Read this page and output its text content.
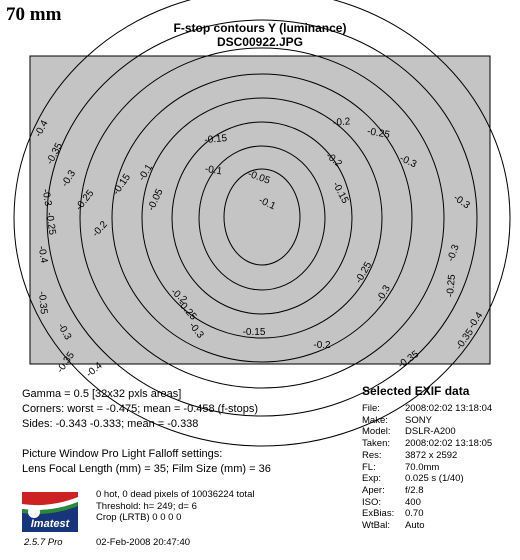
70 mm
F-stop contours Y (luminance)
DSC00922.JPG
-0.4
-0.35
-0.3
-0.25
-0.2
-0.15 -0.1
-0.05
-0.2
-0.25
-0.3
-0.15
-0.1
-0.2
-0.25
-0.3
-0.3
-0.15
-0.2
-0.25
-0.3
-0.35
-0.4
-0.05
-0.1
-0.15
-0.2
-0.25
-0.3
-0.35
-0.4
-0.35
-0.3
-0.25
-0.3
-0.35 -0.4
Gamma = 0.5 [32x32 pxls areas]
Corners: worst = -0.475; mean = -0.458 (f-stops)
Sides: -0.343 -0.333; mean = -0.338
Picture Window Pro Light Falloff settings:
Lens Focal Length (mm) = 35; Film Size (mm) = 36
Selected EXIF data
File:	2008:02:02 13:18:04
Make: SONY
Model: DSLR-A200
Taken: 2008:02:02 13:18:05
Res: 3872 x 2592
FL:	70.0mm
Exp:	0.025 s (1/40)
Aper: f/2.8
ISO:	400
ExBias: 0.70
WtBal: Auto
Imatest
0 hot, 0 dead pixels of 10036224 total
Threshold: h= 249; d= 6
Crop (LRTB) 0 0 0 0
2.5.7 Pro	02-Feb-2008 20:47:40
